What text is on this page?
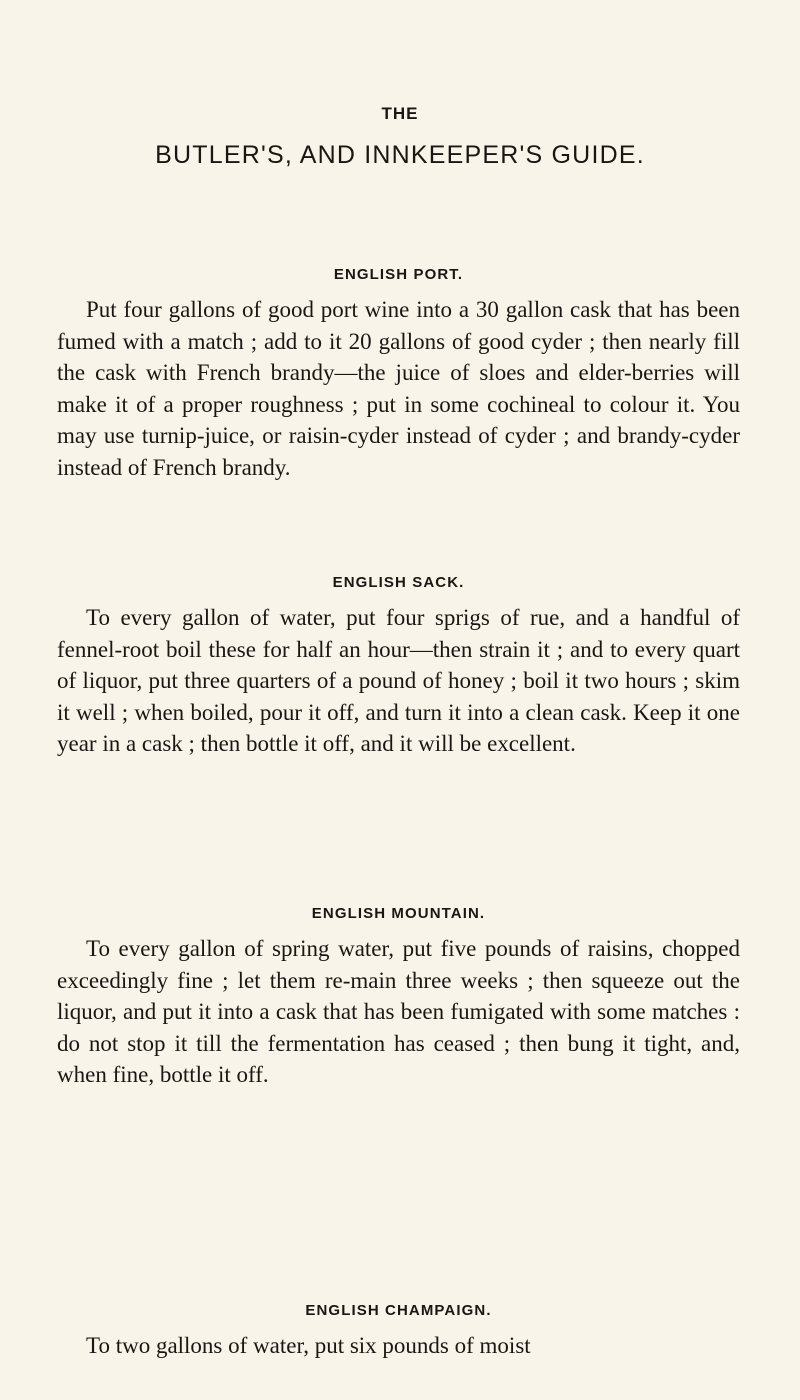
THE
BUTLER'S, AND INNKEEPER'S GUIDE.
ENGLISH PORT.

Put four gallons of good port wine into a 30 gallon cask that has been fumed with a match ; add to it 20 gallons of good cyder ; then nearly fill the cask with French brandy—the juice of sloes and elder-berries will make it of a proper roughness ; put in some cochineal to colour it. You may use turnip-juice, or raisin-cyder instead of cyder ; and brandy-cyder instead of French brandy.

ENGLISH SACK.

To every gallon of water, put four sprigs of rue, and a handful of fennel-root boil these for half an hour—then strain it ; and to every quart of liquor, put three quarters of a pound of honey ; boil it two hours ; skim it well ; when boiled, pour it off, and turn it into a clean cask. Keep it one year in a cask ; then bottle it off, and it will be excellent.

ENGLISH MOUNTAIN.

To every gallon of spring water, put five pounds of raisins, chopped exceedingly fine ; let them re-main three weeks ; then squeeze out the liquor, and put it into a cask that has been fumigated with some matches : do not stop it till the fermentation has ceased ; then bung it tight, and, when fine, bottle it off.

ENGLISH CHAMPAIGN.

To two gallons of water, put six pounds of moist
